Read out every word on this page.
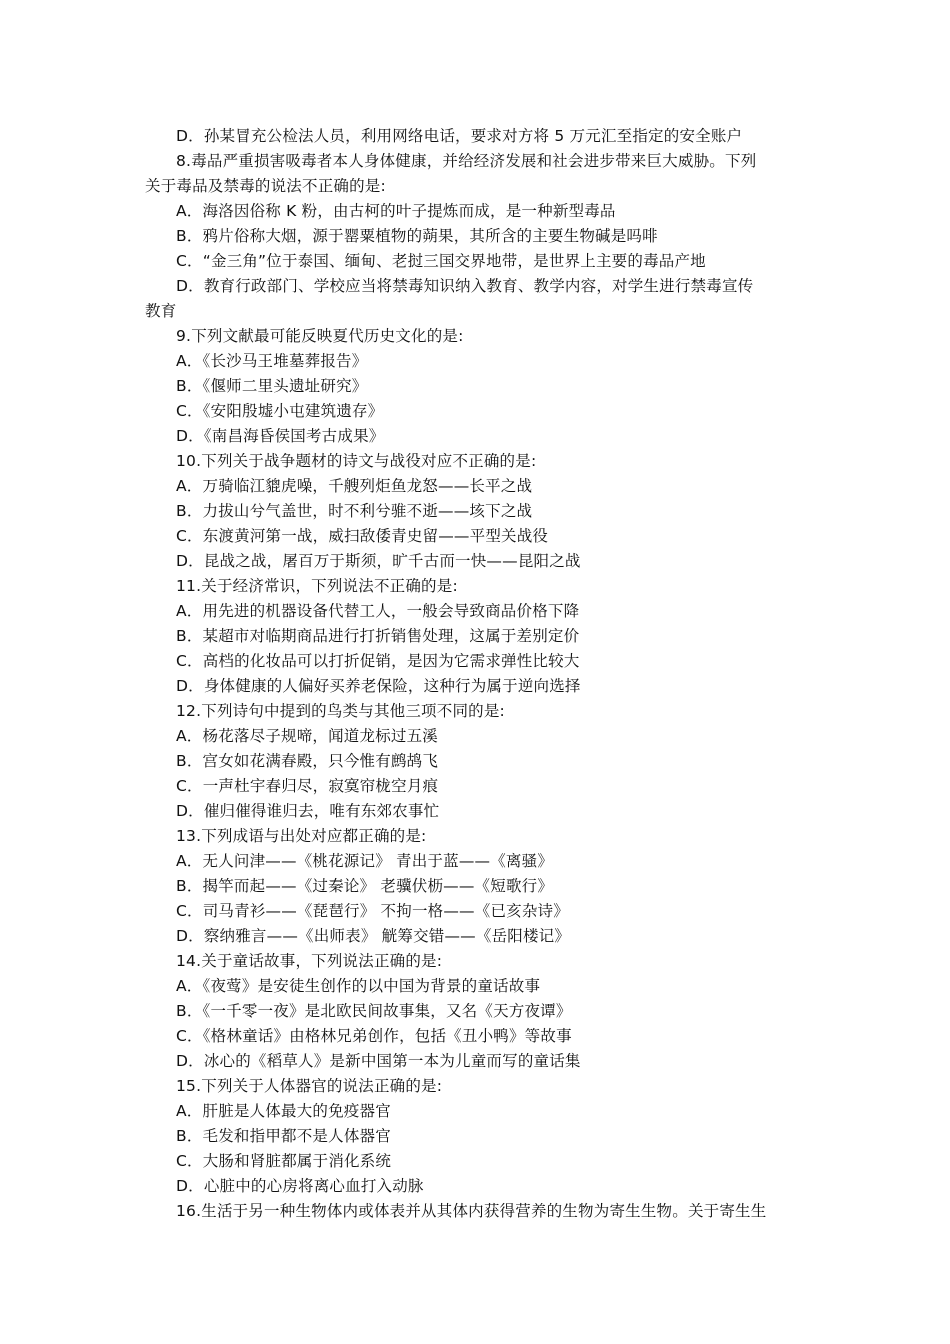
D．孙某冒充公检法人员，利用网络电话，要求对方将 5 万元汇至指定的安全账户
8.毒品严重损害吸毒者本人身体健康，并给经济发展和社会进步带来巨大威胁。下列
关于毒品及禁毒的说法不正确的是:
A．海洛因俗称 K 粉，由古柯的叶子提炼而成，是一种新型毒品
B．鸦片俗称大烟，源于罂粟植物的蒴果，其所含的主要生物碱是吗啡
C．“金三角”位于泰国、缅甸、老挝三国交界地带，是世界上主要的毒品产地
D．教育行政部门、学校应当将禁毒知识纳入教育、教学内容，对学生进行禁毒宣传
教育
9.下列文献最可能反映夏代历史文化的是:
A．《长沙马王堆墓葬报告》
B．《偃师二里头遗址研究》
C．《安阳殷墟小屯建筑遗存》
D．《南昌海昏侯国考古成果》
10.下列关于战争题材的诗文与战役对应不正确的是:
A．万骑临江貔虎噪，千艘列炬鱼龙怒——长平之战
B．力拔山兮气盖世，时不利兮骓不逝——垓下之战
C．东渡黄河第一战，威扫敌倭青史留——平型关战役
D．昆战之战，屠百万于斯须，旷千古而一快——昆阳之战
11.关于经济常识，下列说法不正确的是:
A．用先进的机器设备代替工人，一般会导致商品价格下降
B．某超市对临期商品进行打折销售处理，这属于差别定价
C．高档的化妆品可以打折促销，是因为它需求弹性比较大
D．身体健康的人偏好买养老保险，这种行为属于逆向选择
12.下列诗句中提到的鸟类与其他三项不同的是:
A．杨花落尽子规啼，闻道龙标过五溪
B．宫女如花满春殿，只今惟有鹧鸪飞
C．一声杜宇春归尽，寂寞帘栊空月痕
D．催归催得谁归去，唯有东郊农事忙
13.下列成语与出处对应都正确的是:
A．无人问津——《桃花源记》 青出于蓝——《离骚》
B．揭竿而起——《过秦论》 老骥伏枥——《短歌行》
C．司马青衫——《琵琶行》 不拘一格——《已亥杂诗》
D．察纳雅言——《出师表》 觥筹交错——《岳阳楼记》
14.关于童话故事，下列说法正确的是:
A．《夜莺》是安徒生创作的以中国为背景的童话故事
B．《一千零一夜》是北欧民间故事集，又名《天方夜谭》
C．《格林童话》由格林兄弟创作，包括《丑小鸭》等故事
D．冰心的《稻草人》是新中国第一本为儿童而写的童话集
15.下列关于人体器官的说法正确的是:
A．肝脏是人体最大的免疫器官
B．毛发和指甲都不是人体器官
C．大肠和肾脏都属于消化系统
D．心脏中的心房将离心血打入动脉
16.生活于另一种生物体内或体表并从其体内获得营养的生物为寄生生物。关于寄生生
